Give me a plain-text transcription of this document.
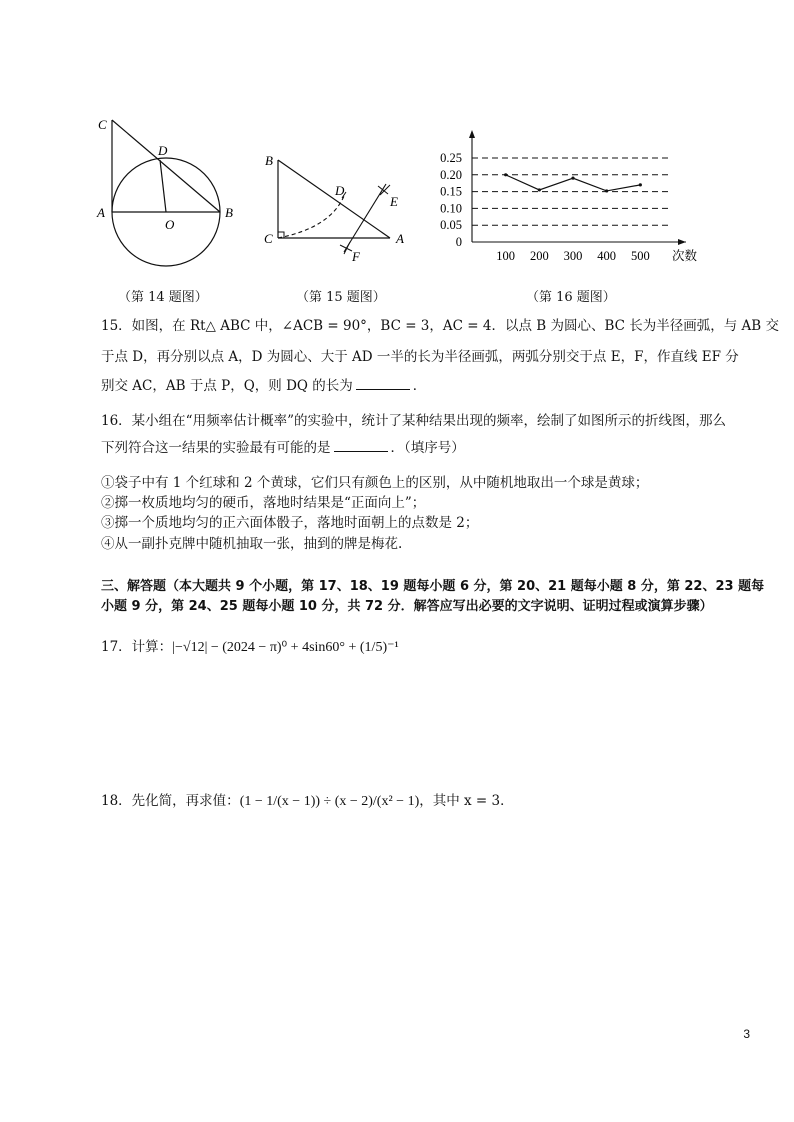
C
D
A
O
B
（第 14 题图）
B
D
E
C	A
F
（第 15 题图）
0.25
0.20
0.15
0.10
0.05
0
100 200 300 400 500 次数
（第 16 题图）
15．如图，在 Rt△ ABC 中，∠ACB = 90°，BC = 3，AC = 4．以点 B 为圆心、BC 长为半径画弧，与 AB 交
于点 D，再分别以点 A，D 为圆心、大于 AD 一半的长为半径画弧，两弧分别交于点 E，F，作直线 EF 分
别交 AC，AB 于点 P，Q，则 DQ 的长为	．
16．某小组在“用频率估计概率”的实验中，统计了某种结果出现的频率，绘制了如图所示的折线图，那么
下列符合这一结果的实验最有可能的是	．（填序号）
①袋子中有 1 个红球和 2 个黄球，它们只有颜色上的区别，从中随机地取出一个球是黄球；
②掷一枚质地均匀的硬币，落地时结果是“正面向上”；
③掷一个质地均匀的正六面体骰子，落地时面朝上的点数是 2；
④从一副扑克牌中随机抽取一张，抽到的牌是梅花.
三、解答题（本大题共 9 个小题，第 17、18、19 题每小题 6 分，第 20、21 题每小题 8 分，第 22、23 题每
小题 9 分，第 24、25 题每小题 10 分，共 72 分．解答应写出必要的文字说明、证明过程或演算步骤）
17．计算：|−√12| − (2024 − π)⁰ + 4sin60° + (1/5)⁻¹
18．先化简，再求值：(1 − 1/(x − 1)) ÷ (x − 2)/(x² − 1)，其中 x = 3．
3
